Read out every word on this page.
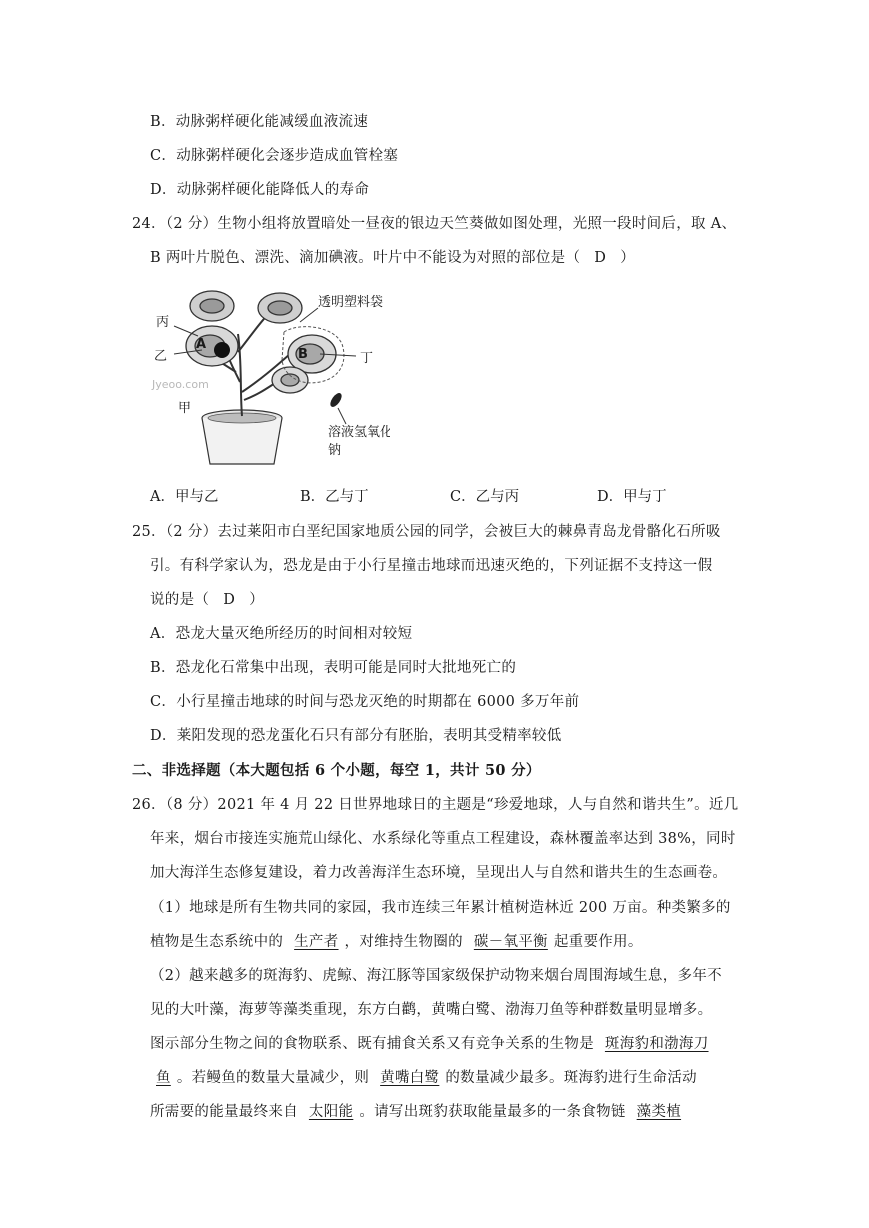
B．动脉粥样硬化能减缓血液流速
C．动脉粥样硬化会逐步造成血管栓塞
D．动脉粥样硬化能降低人的寿命
24．（2 分）生物小组将放置暗处一昼夜的银边天竺葵做如图处理，光照一段时间后，取 A、
B 两叶片脱色、漂洗、滴加碘液。叶片中不能设为对照的部位是（ D ）
丙
乙
甲
丁
A
B
透明塑料袋
溶液氢氧化
钠
Jyeoo.com
A．甲与乙	B．乙与丁	C．乙与丙	D．甲与丁
25．（2 分）去过莱阳市白垩纪国家地质公园的同学，会被巨大的棘鼻青岛龙骨骼化石所吸
引。有科学家认为，恐龙是由于小行星撞击地球而迅速灭绝的，下列证据不支持这一假
说的是（ D ）
A．恐龙大量灭绝所经历的时间相对较短
B．恐龙化石常集中出现，表明可能是同时大批地死亡的
C．小行星撞击地球的时间与恐龙灭绝的时期都在 6000 多万年前
D．莱阳发现的恐龙蛋化石只有部分有胚胎，表明其受精率较低
二、非选择题（本大题包括 6 个小题，每空 1，共计 50 分）
26．（8 分）2021 年 4 月 22 日世界地球日的主题是“珍爱地球，人与自然和谐共生”。近几
年来，烟台市接连实施荒山绿化、水系绿化等重点工程建设，森林覆盖率达到 38%，同时
加大海洋生态修复建设，着力改善海洋生态环境，呈现出人与自然和谐共生的生态画卷。
（1）地球是所有生物共同的家园，我市连续三年累计植树造林近 200 万亩。种类繁多的
植物是生态系统中的 生产者 ，对维持生物圈的 碳－氧平衡 起重要作用。
（2）越来越多的斑海豹、虎鲸、海江豚等国家级保护动物来烟台周围海域生息，多年不
见的大叶藻，海萝等藻类重现，东方白鹳，黄嘴白鹭、渤海刀鱼等种群数量明显增多。
图示部分生物之间的食物联系、既有捕食关系又有竞争关系的生物是 斑海豹和渤海刀
鱼 。若鳗鱼的数量大量减少，则 黄嘴白鹭 的数量减少最多。斑海豹进行生命活动
所需要的能量最终来自 太阳能 。请写出斑豹获取能量最多的一条食物链 藻类植
